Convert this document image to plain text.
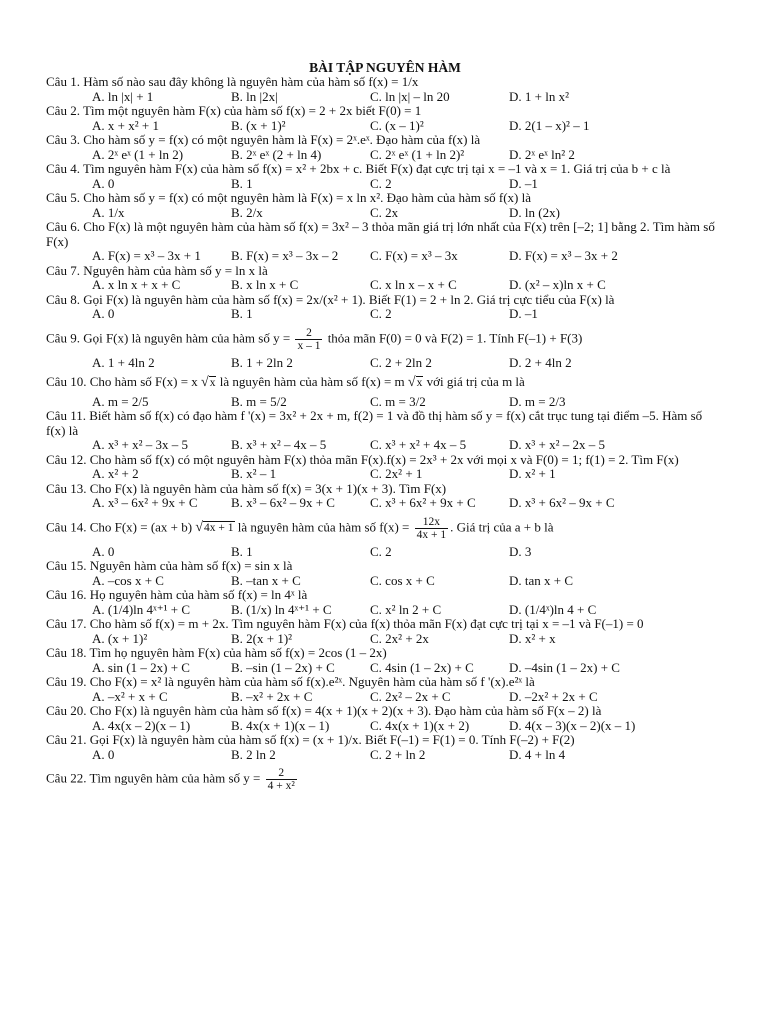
BÀI TẬP NGUYÊN HÀM
Câu 1. Hàm số nào sau đây không là nguyên hàm của hàm số f(x) = 1/x
A. ln |x| + 1	B. ln |2x|	C. ln |x| – ln 20	D. 1 + ln x²
Câu 2. Tìm một nguyên hàm F(x) của hàm số f(x) = 2 + 2x biết F(0) = 1
A. x + x² + 1	B. (x + 1)²	C. (x – 1)²	D. 2(1 – x)² – 1
Câu 3. Cho hàm số y = f(x) có một nguyên hàm là F(x) = 2ˣ.eˣ. Đạo hàm của f(x) là
A. 2ˣ eˣ (1 + ln 2)	B. 2ˣ eˣ (2 + ln 4)	C. 2ˣ eˣ (1 + ln 2)²	D. 2ˣ eˣ ln² 2
Câu 4. Tìm nguyên hàm F(x) của hàm số f(x) = x² + 2bx + c. Biết F(x) đạt cực trị tại x = –1 và x = 1. Giá trị của b + c là
A. 0	B. 1	C. 2	D. –1
Câu 5. Cho hàm số y = f(x) có một nguyên hàm là F(x) = x ln x². Đạo hàm của hàm số f(x) là
A. 1/x	B. 2/x	C. 2x	D. ln (2x)
Câu 6. Cho F(x) là một nguyên hàm của hàm số f(x) = 3x² – 3 thỏa mãn giá trị lớn nhất của F(x) trên [–2; 1] bằng 2. Tìm hàm số F(x)
A. F(x) = x³ – 3x + 1	B. F(x) = x³ – 3x – 2	C. F(x) = x³ – 3x	D. F(x) = x³ – 3x + 2
Câu 7. Nguyên hàm của hàm số y = ln x là
A. x ln x + x + C	B. x ln x + C	C. x ln x – x + C	D. (x² – x)ln x + C
Câu 8. Gọi F(x) là nguyên hàm của hàm số f(x) = 2x/(x² + 1). Biết F(1) = 2 + ln 2. Giá trị cực tiểu của F(x) là
A. 0	B. 1	C. 2	D. –1
Câu 9. Gọi F(x) là nguyên hàm của hàm số $y = \frac{2}{x - 1}$ thỏa mãn F(0) = 0 và F(2) = 1. Tính F(–1) + F(3)
A. 1 + 4ln 2	B. 1 + 2ln 2	C. 2 + 2ln 2	D. 2 + 4ln 2
Câu 10. Cho hàm số F(x) = x √x là nguyên hàm của hàm số f(x) = m √x với giá trị của m là
A. m = 2/5	B. m = 5/2	C. m = 3/2	D. m = 2/3
Câu 11. Biết hàm số f(x) có đạo hàm f '(x) = 3x² + 2x + m, f(2) = 1 và đồ thị hàm số y = f(x) cắt trục tung tại điểm –5. Hàm số f(x) là
A. x³ + x² – 3x – 5	B. x³ + x² – 4x – 5	C. x³ + x² + 4x – 5	D. x³ + x² – 2x – 5
Câu 12. Cho hàm số f(x) có một nguyên hàm F(x) thỏa mãn F(x).f(x) = 2x³ + 2x với mọi x và F(0) = 1; f(1) = 2. Tìm F(x)
A. x² + 2	B. x² – 1	C. 2x² + 1	D. x² + 1
Câu 13. Cho F(x) là nguyên hàm của hàm số f(x) = 3(x + 1)(x + 3). Tìm F(x)
A. x³ – 6x² + 9x + C	B. x³ – 6x² – 9x + C	C. x³ + 6x² + 9x + C	D. x³ + 6x² – 9x + C
Câu 14. Cho F(x) = (ax + b) √4x + 1 là nguyên hàm của hàm số $f(x) = \frac{12x}{4x + 1}$ . Giá trị của a + b là
A. 0	B. 1	C. 2	D. 3
Câu 15. Nguyên hàm của hàm số f(x) = sin x là
A. –cos x + C	B. –tan x + C	C. cos x + C	D. tan x + C
Câu 16. Họ nguyên hàm của hàm số f(x) = ln 4ˣ là
A. (1/4)ln 4ˣ⁺¹ + C	B. (1/x) ln 4ˣ⁺¹ + C	C. x² ln 2 + C	D. (1/4ˣ)ln 4 + C
Câu 17. Cho hàm số f(x) = m + 2x. Tìm nguyên hàm F(x) của f(x) thỏa mãn F(x) đạt cực trị tại x = –1 và F(–1) = 0
A. (x + 1)²	B. 2(x + 1)²	C. 2x² + 2x	D. x² + x
Câu 18. Tìm họ nguyên hàm F(x) của hàm số f(x) = 2cos (1 – 2x)
A. sin (1 – 2x) + C	B. –sin (1 – 2x) + C	C. 4sin (1 – 2x) + C	D. –4sin (1 – 2x) + C
Câu 19. Cho F(x) = x² là nguyên hàm của hàm số f(x).e²ˣ. Nguyên hàm của hàm số f '(x).e²ˣ là
A. –x² + x + C	B. –x² + 2x + C	C. 2x² – 2x + C	D. –2x² + 2x + C
Câu 20. Cho F(x) là nguyên hàm của hàm số f(x) = 4(x + 1)(x + 2)(x + 3). Đạo hàm của hàm số F(x – 2) là
A. 4x(x – 2)(x – 1)	B. 4x(x + 1)(x – 1)	C. 4x(x + 1)(x + 2)	D. 4(x – 3)(x – 2)(x – 1)
Câu 21. Gọi F(x) là nguyên hàm của hàm số f(x) = (x + 1)/x. Biết F(–1) = F(1) = 0. Tính F(–2) + F(2)
A. 0	B. 2 ln 2	C. 2 + ln 2	D. 4 + ln 4
Câu 22. Tìm nguyên hàm của hàm số $y = \frac{2}{\text{4 + x²}}$
